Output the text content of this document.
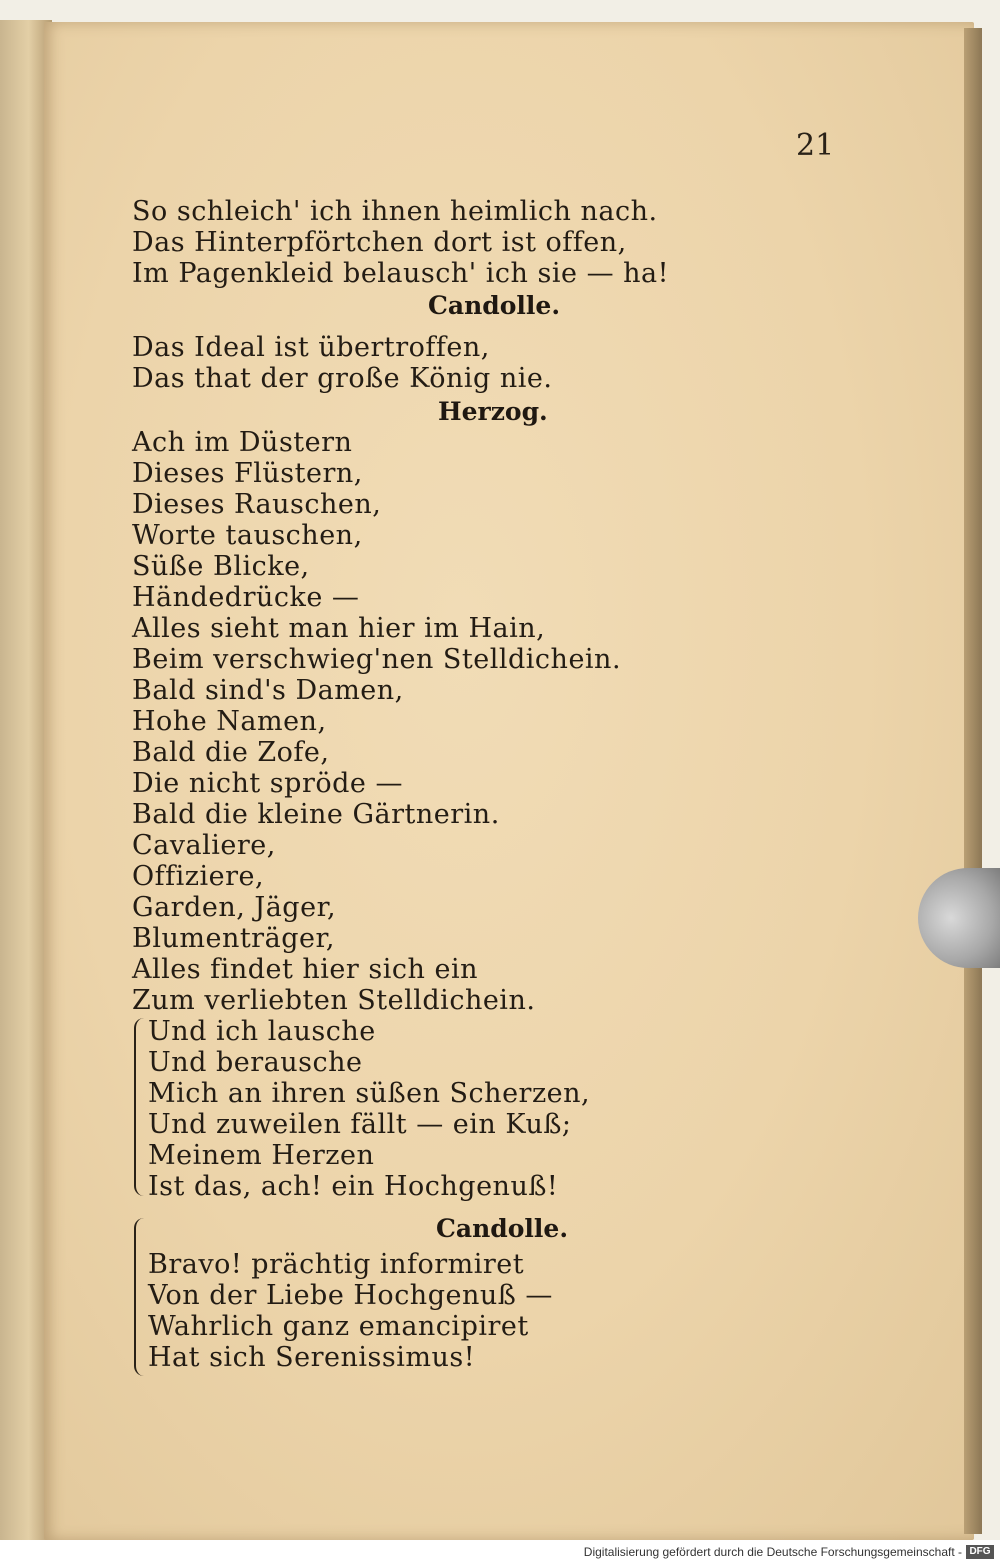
21
So schleich' ich ihnen heimlich nach.
Das Hinterpförtchen dort ist offen,
Im Pagenkleid belausch' ich sie — ha!
Candolle.
Das Ideal ist übertroffen,
Das that der große König nie.
Herzog.
Ach im Düstern
Dieses Flüstern,
Dieses Rauschen,
Worte tauschen,
Süße Blicke,
Händedrücke —
Alles sieht man hier im Hain,
Beim verschwieg'nen Stelldichein.
Bald sind's Damen,
Hohe Namen,
Bald die Zofe,
Die nicht spröde —
Bald die kleine Gärtnerin.
Cavaliere,
Offiziere,
Garden, Jäger,
Blumenträger,
Alles findet hier sich ein
Zum verliebten Stelldichein.
Und ich lausche
Und berausche
Mich an ihren süßen Scherzen,
Und zuweilen fällt — ein Kuß;
Meinem Herzen
Ist das, ach! ein Hochgenuß!
Candolle.
Bravo! prächtig informiret
Von der Liebe Hochgenuß —
Wahrlich ganz emancipiret
Hat sich Serenissimus!
Digitalisierung gefördert durch die Deutsche Forschungsgemeinschaft - DFG
